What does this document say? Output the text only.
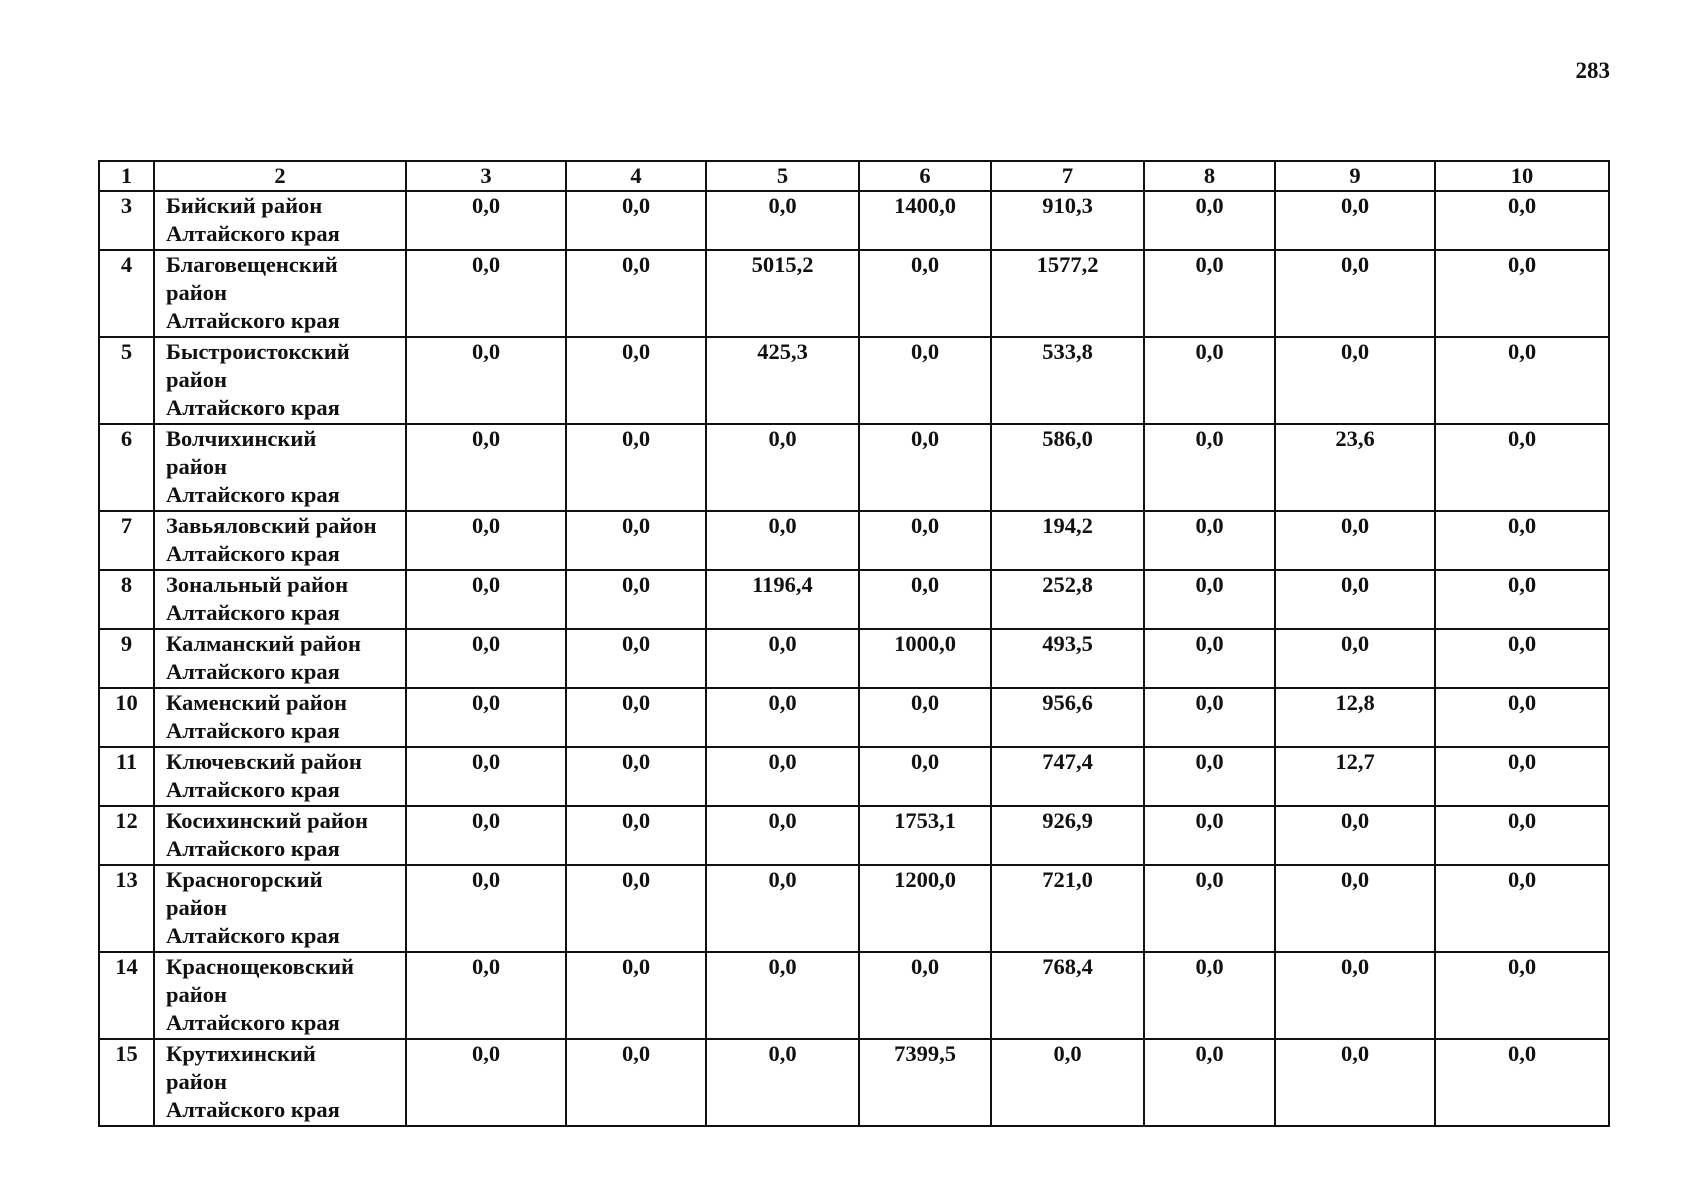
283
1	2	3	4	5	6	7	8	9	10
3	Бийский район
Алтайского края	0,0	0,0	0,0	1400,0	910,3	0,0	0,0	0,0
4	Благовещенский
район
Алтайского края	0,0	0,0	5015,2	0,0	1577,2	0,0	0,0	0,0
5	Быстроистокский
район
Алтайского края	0,0	0,0	425,3	0,0	533,8	0,0	0,0	0,0
6	Волчихинский
район
Алтайского края	0,0	0,0	0,0	0,0	586,0	0,0	23,6	0,0
7	Завьяловский район
Алтайского края	0,0	0,0	0,0	0,0	194,2	0,0	0,0	0,0
8	Зональный район
Алтайского края	0,0	0,0	1196,4	0,0	252,8	0,0	0,0	0,0
9	Калманский район
Алтайского края	0,0	0,0	0,0	1000,0	493,5	0,0	0,0	0,0
10	Каменский район
Алтайского края	0,0	0,0	0,0	0,0	956,6	0,0	12,8	0,0
11	Ключевский район
Алтайского края	0,0	0,0	0,0	0,0	747,4	0,0	12,7	0,0
12	Косихинский район
Алтайского края	0,0	0,0	0,0	1753,1	926,9	0,0	0,0	0,0
13	Красногорский
район
Алтайского края	0,0	0,0	0,0	1200,0	721,0	0,0	0,0	0,0
14	Краснощековский
район
Алтайского края	0,0	0,0	0,0	0,0	768,4	0,0	0,0	0,0
15	Крутихинский
район
Алтайского края	0,0	0,0	0,0	7399,5	0,0	0,0	0,0	0,0
